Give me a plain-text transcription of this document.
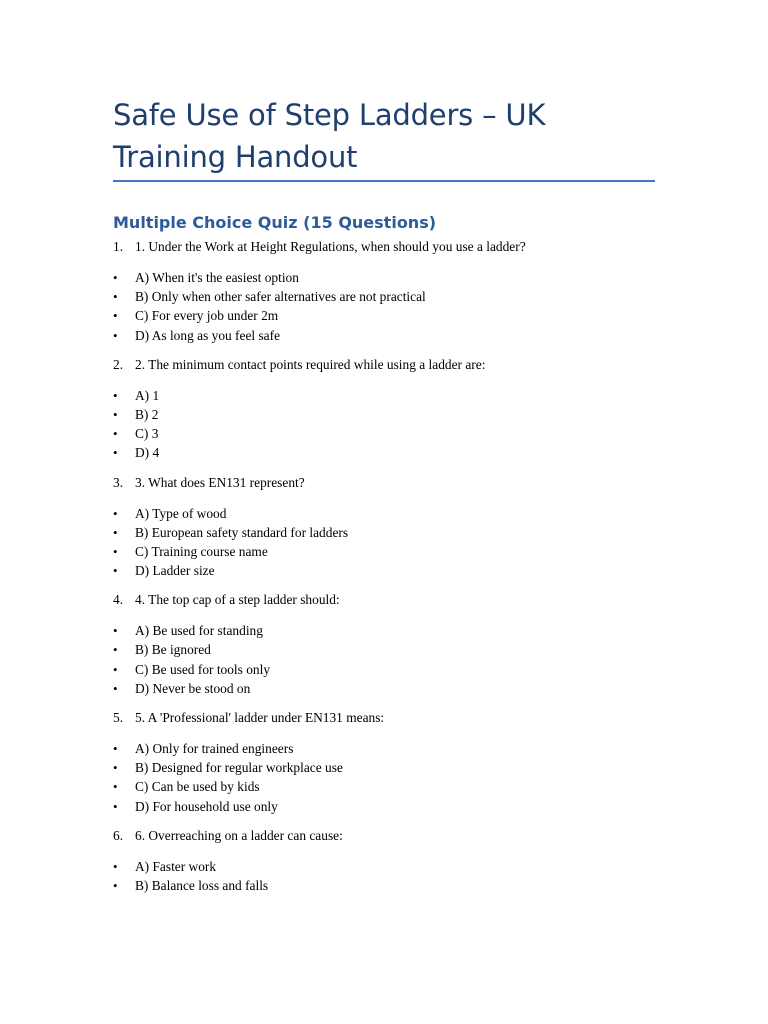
Safe Use of Step Ladders – UK Training Handout
Multiple Choice Quiz (15 Questions)
1. 1. Under the Work at Height Regulations, when should you use a ladder?
• A) When it's the easiest option
• B) Only when other safer alternatives are not practical
• C) For every job under 2m
• D) As long as you feel safe
2. 2. The minimum contact points required while using a ladder are:
• A) 1
• B) 2
• C) 3
• D) 4
3. 3. What does EN131 represent?
• A) Type of wood
• B) European safety standard for ladders
• C) Training course name
• D) Ladder size
4. 4. The top cap of a step ladder should:
• A) Be used for standing
• B) Be ignored
• C) Be used for tools only
• D) Never be stood on
5. 5. A 'Professional' ladder under EN131 means:
• A) Only for trained engineers
• B) Designed for regular workplace use
• C) Can be used by kids
• D) For household use only
6. 6. Overreaching on a ladder can cause:
• A) Faster work
• B) Balance loss and falls
